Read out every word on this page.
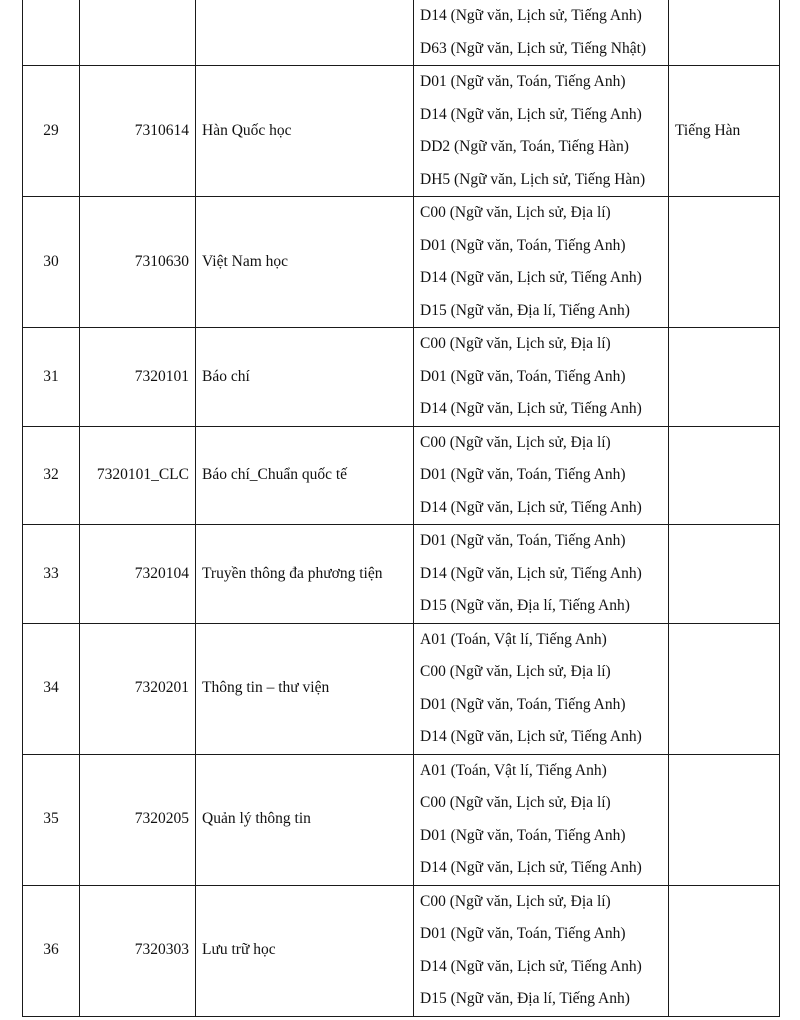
			D14 (Ngữ văn, Lịch sử, Tiếng Anh)
D63 (Ngữ văn, Lịch sử, Tiếng Nhật)	

29	7310614	Hàn Quốc học	D01 (Ngữ văn, Toán, Tiếng Anh)
D14 (Ngữ văn, Lịch sử, Tiếng Anh)
DD2 (Ngữ văn, Toán, Tiếng Hàn)
DH5 (Ngữ văn, Lịch sử, Tiếng Hàn)	Tiếng Hàn
30	7310630	Việt Nam học	C00 (Ngữ văn, Lịch sử, Địa lí)
D01 (Ngữ văn, Toán, Tiếng Anh)
D14 (Ngữ văn, Lịch sử, Tiếng Anh)
D15 (Ngữ văn, Địa lí, Tiếng Anh)	

31	7320101	Báo chí	C00 (Ngữ văn, Lịch sử, Địa lí)
D01 (Ngữ văn, Toán, Tiếng Anh)
D14 (Ngữ văn, Lịch sử, Tiếng Anh)	

32	7320101_CLC	Báo chí_Chuẩn quốc tế	C00 (Ngữ văn, Lịch sử, Địa lí)
D01 (Ngữ văn, Toán, Tiếng Anh)
D14 (Ngữ văn, Lịch sử, Tiếng Anh)	

33	7320104	Truyền thông đa phương tiện	D01 (Ngữ văn, Toán, Tiếng Anh)
D14 (Ngữ văn, Lịch sử, Tiếng Anh)
D15 (Ngữ văn, Địa lí, Tiếng Anh)	

34	7320201	Thông tin – thư viện	A01 (Toán, Vật lí, Tiếng Anh)
C00 (Ngữ văn, Lịch sử, Địa lí)
D01 (Ngữ văn, Toán, Tiếng Anh)
D14 (Ngữ văn, Lịch sử, Tiếng Anh)	

35	7320205	Quản lý thông tin	A01 (Toán, Vật lí, Tiếng Anh)
C00 (Ngữ văn, Lịch sử, Địa lí)
D01 (Ngữ văn, Toán, Tiếng Anh)
D14 (Ngữ văn, Lịch sử, Tiếng Anh)	

36	7320303	Lưu trữ học	C00 (Ngữ văn, Lịch sử, Địa lí)
D01 (Ngữ văn, Toán, Tiếng Anh)
D14 (Ngữ văn, Lịch sử, Tiếng Anh)
D15 (Ngữ văn, Địa lí, Tiếng Anh)	
